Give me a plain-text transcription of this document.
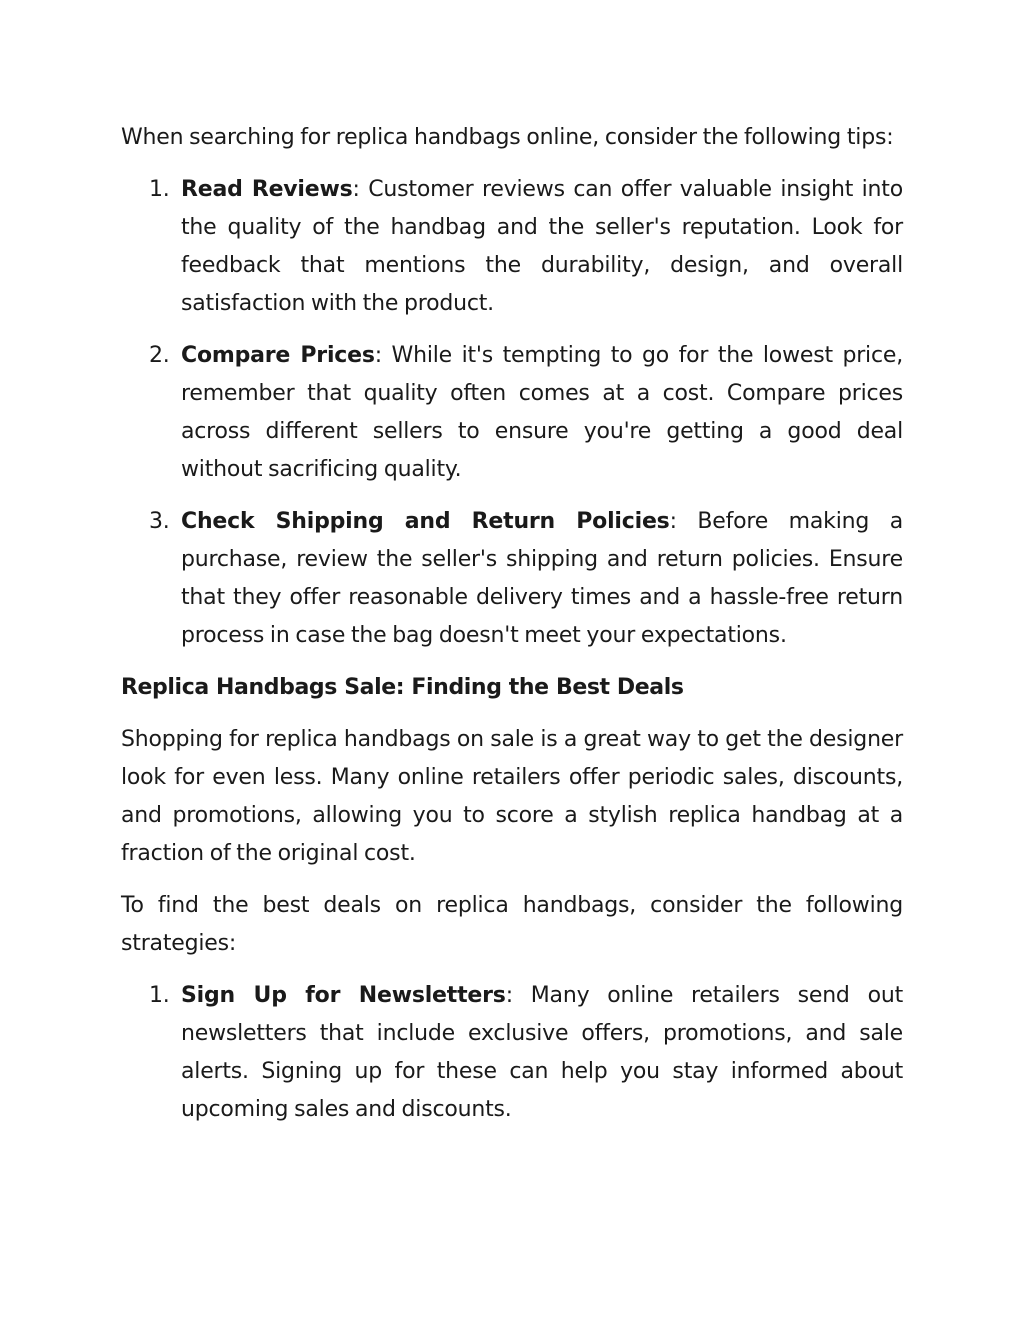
When searching for replica handbags online, consider the following tips:

1. Read Reviews: Customer reviews can offer valuable insight into the quality of the handbag and the seller's reputation. Look for feedback that mentions the durability, design, and overall satisfaction with the product.
2. Compare Prices: While it's tempting to go for the lowest price, remember that quality often comes at a cost. Compare prices across different sellers to ensure you're getting a good deal without sacrificing quality.
3. Check Shipping and Return Policies: Before making a purchase, review the seller's shipping and return policies. Ensure that they offer reasonable delivery times and a hassle-free return process in case the bag doesn't meet your expectations.
Replica Handbags Sale: Finding the Best Deals

Shopping for replica handbags on sale is a great way to get the designer look for even less. Many online retailers offer periodic sales, discounts, and promotions, allowing you to score a stylish replica handbag at a fraction of the original cost.

To find the best deals on replica handbags, consider the following strategies:

1. Sign Up for Newsletters: Many online retailers send out newsletters that include exclusive offers, promotions, and sale alerts. Signing up for these can help you stay informed about upcoming sales and discounts.
